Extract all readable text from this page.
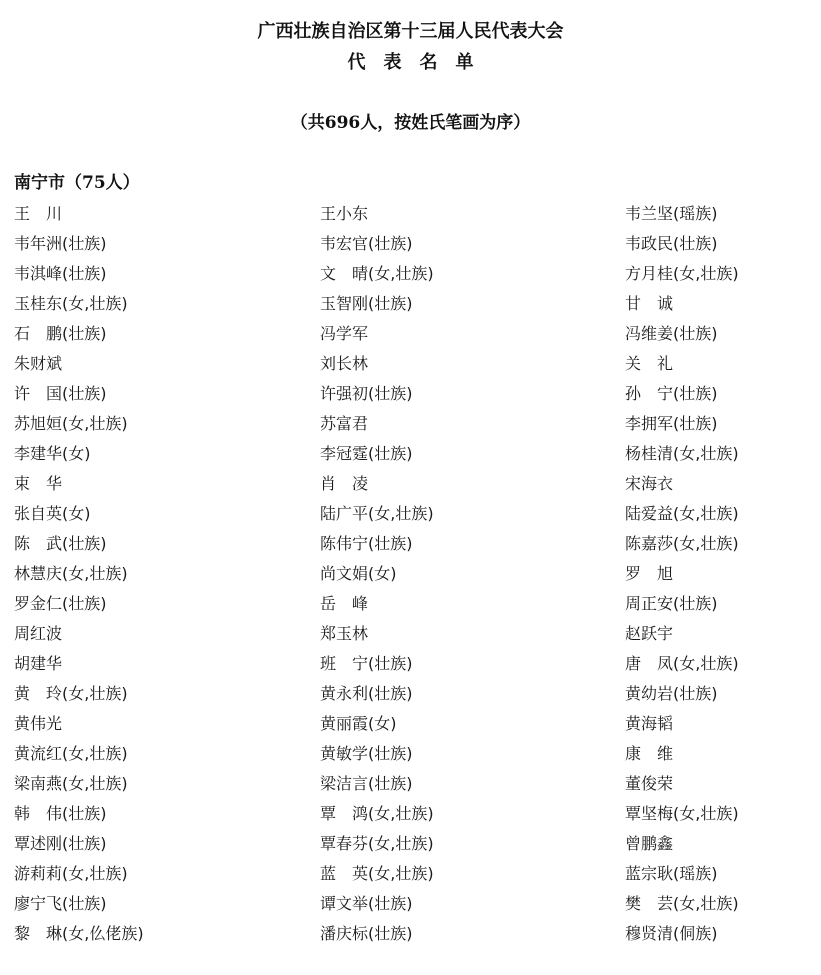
广西壮族自治区第十三届人民代表大会
代表名单
（共696人，按姓氏笔画为序）
南宁市（75人）
王　川	王小东	韦兰坚(瑶族)
韦年洲(壮族)	韦宏官(壮族)	韦政民(壮族)
韦淇峰(壮族)	文　晴(女,壮族)	方月桂(女,壮族)
玉桂东(女,壮族)	玉智刚(壮族)	甘　诚
石　鹏(壮族)	冯学军	冯维姜(壮族)
朱财斌	刘长林	关　礼
许　国(壮族)	许强初(壮族)	孙　宁(壮族)
苏旭姮(女,壮族)	苏富君	李拥军(壮族)
李建华(女)	李冠霆(壮族)	杨桂清(女,壮族)
束　华	肖　凌	宋海衣
张自英(女)	陆广平(女,壮族)	陆爱益(女,壮族)
陈　武(壮族)	陈伟宁(壮族)	陈嘉莎(女,壮族)
林慧庆(女,壮族)	尚文娟(女)	罗　旭
罗金仁(壮族)	岳　峰	周正安(壮族)
周红波	郑玉林	赵跃宇
胡建华	班　宁(壮族)	唐　凤(女,壮族)
黄　玲(女,壮族)	黄永利(壮族)	黄幼岩(壮族)
黄伟光	黄丽霞(女)	黄海韬
黄流红(女,壮族)	黄敏学(壮族)	康　维
梁南燕(女,壮族)	梁洁言(壮族)	董俊荣
韩　伟(壮族)	覃　鸿(女,壮族)	覃坚梅(女,壮族)
覃述刚(壮族)	覃春芬(女,壮族)	曾鹏鑫
游莉莉(女,壮族)	蓝　英(女,壮族)	蓝宗耿(瑶族)
廖宁飞(壮族)	谭文举(壮族)	樊　芸(女,壮族)
黎　琳(女,仫佬族)	潘庆标(壮族)	穆贤清(侗族)
